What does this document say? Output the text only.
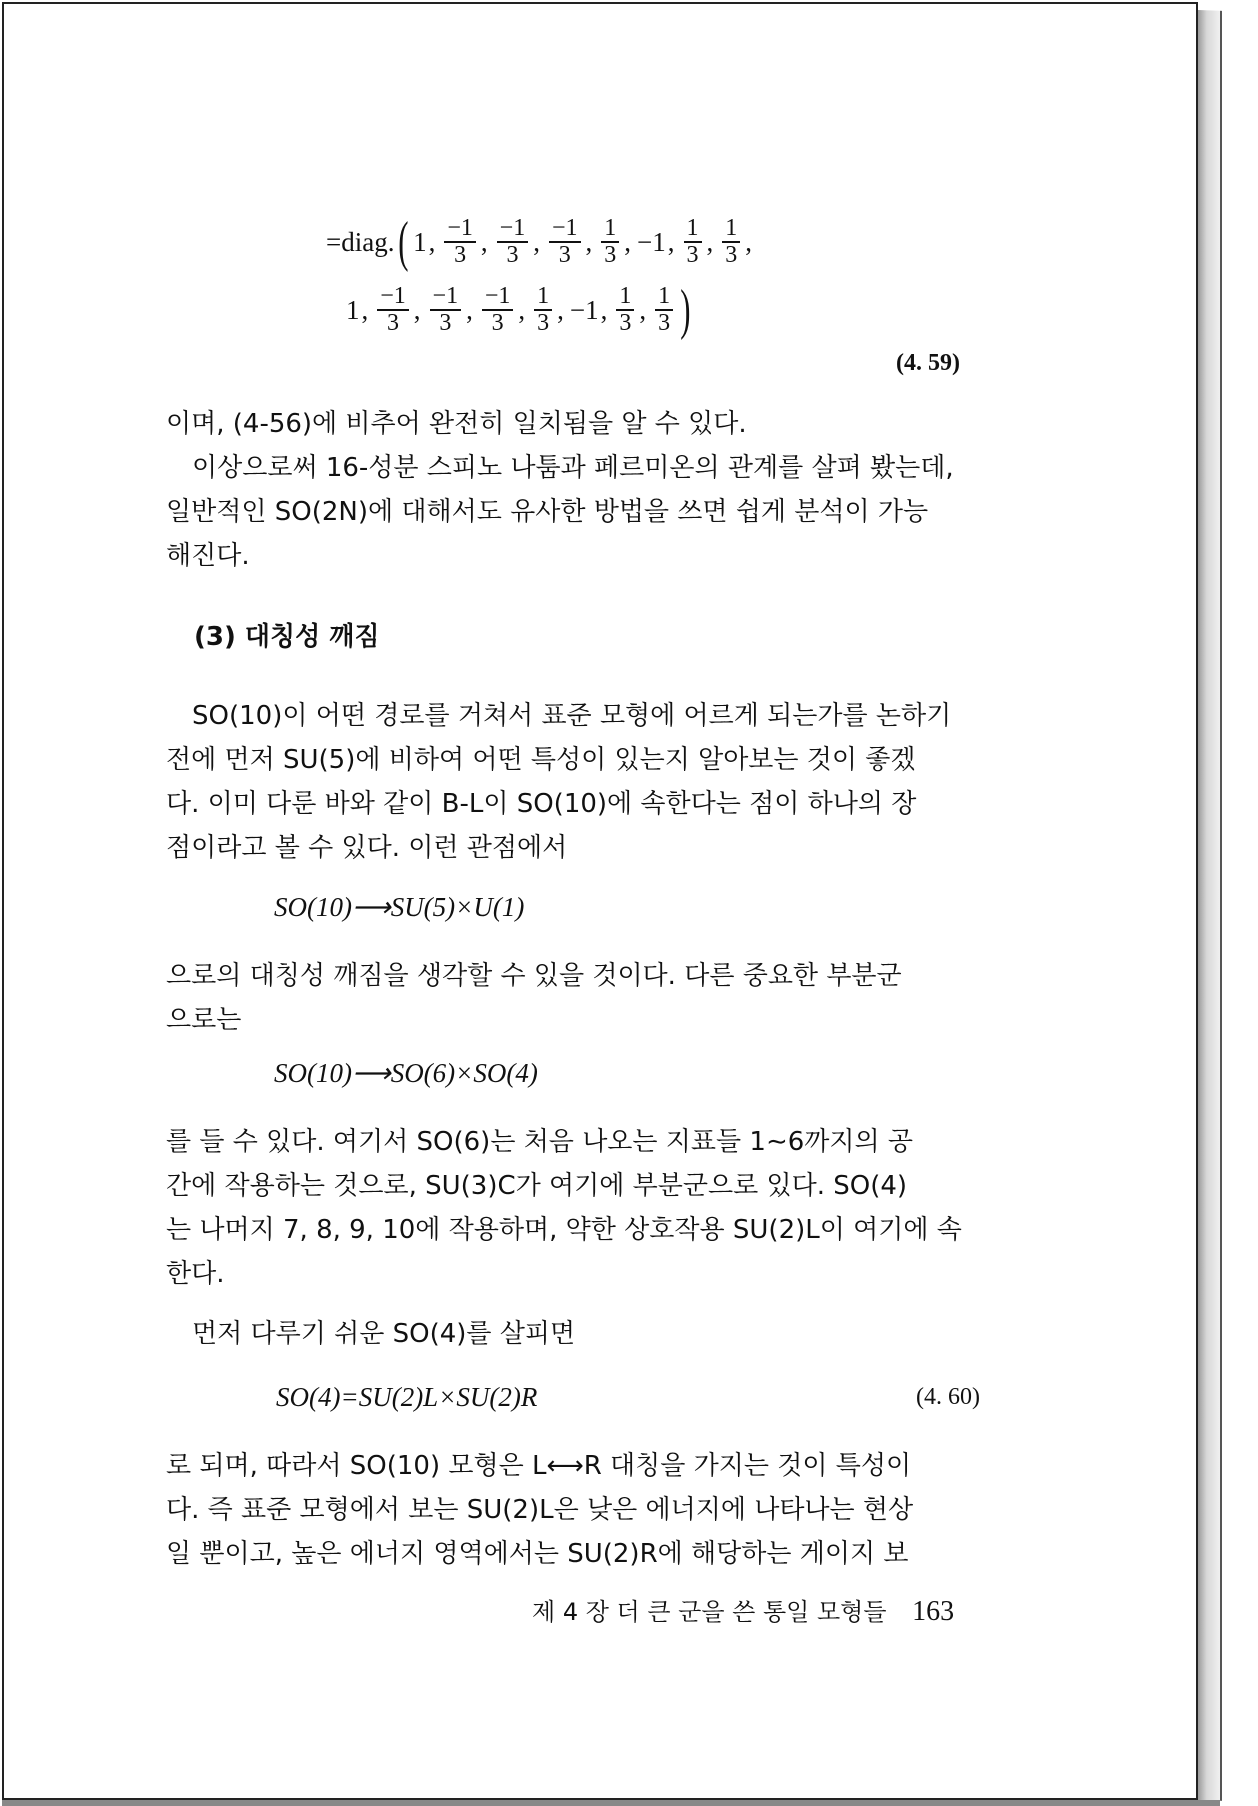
=diag. ( 1 , $\frac{-1}{3}$ , $\frac{-1}{3}$ , $\frac{-1}{3}$ , $\frac{1}{3}$ , −1 , $\frac{1}{3}$ , $\frac{1}{3}$ ,
1 , $\frac{-1}{3}$ , $\frac{-1}{3}$ , $\frac{-1}{3}$ , $\frac{1}{3}$ , −1 , $\frac{1}{3}$ , $\frac{1}{3}$ )
(4. 59)
이며, (4-56)에 비추어 완전히 일치됨을 알 수 있다.
　이상으로써 16-성분 스피노 나툼과 페르미온의 관계를 살펴 봤는데,
일반적인 SO(2N)에 대해서도 유사한 방법을 쓰면 쉽게 분석이 가능
해진다.
(3) 대칭성 깨짐
　SO(10)이 어떤 경로를 거쳐서 표준 모형에 어르게 되는가를 논하기
전에 먼저 SU(5)에 비하여 어떤 특성이 있는지 알아보는 것이 좋겠
다. 이미 다룬 바와 같이 B-L이 SO(10)에 속한다는 점이 하나의 장
점이라고 볼 수 있다. 이런 관점에서
SO(10)⟶SU(5)×U(1)
으로의 대칭성 깨짐을 생각할 수 있을 것이다. 다른 중요한 부분군
으로는
SO(10)⟶SO(6)×SO(4)
를 들 수 있다. 여기서 SO(6)는 처음 나오는 지표들 1∼6까지의 공
간에 작용하는 것으로, SU(3)C가 여기에 부분군으로 있다. SO(4)
는 나머지 7, 8, 9, 10에 작용하며, 약한 상호작용 SU(2)L이 여기에 속
한다.
　먼저 다루기 쉬운 SO(4)를 살피면
SO(4)=SU(2)L×SU(2)R	(4. 60)
로 되며, 따라서 SO(10) 모형은 L⟷R 대칭을 가지는 것이 특성이
다. 즉 표준 모형에서 보는 SU(2)L은 낮은 에너지에 나타나는 현상
일 뿐이고, 높은 에너지 영역에서는 SU(2)R에 해당하는 게이지 보
제 4 장 더 큰 군을 쓴 통일 모형들 163
